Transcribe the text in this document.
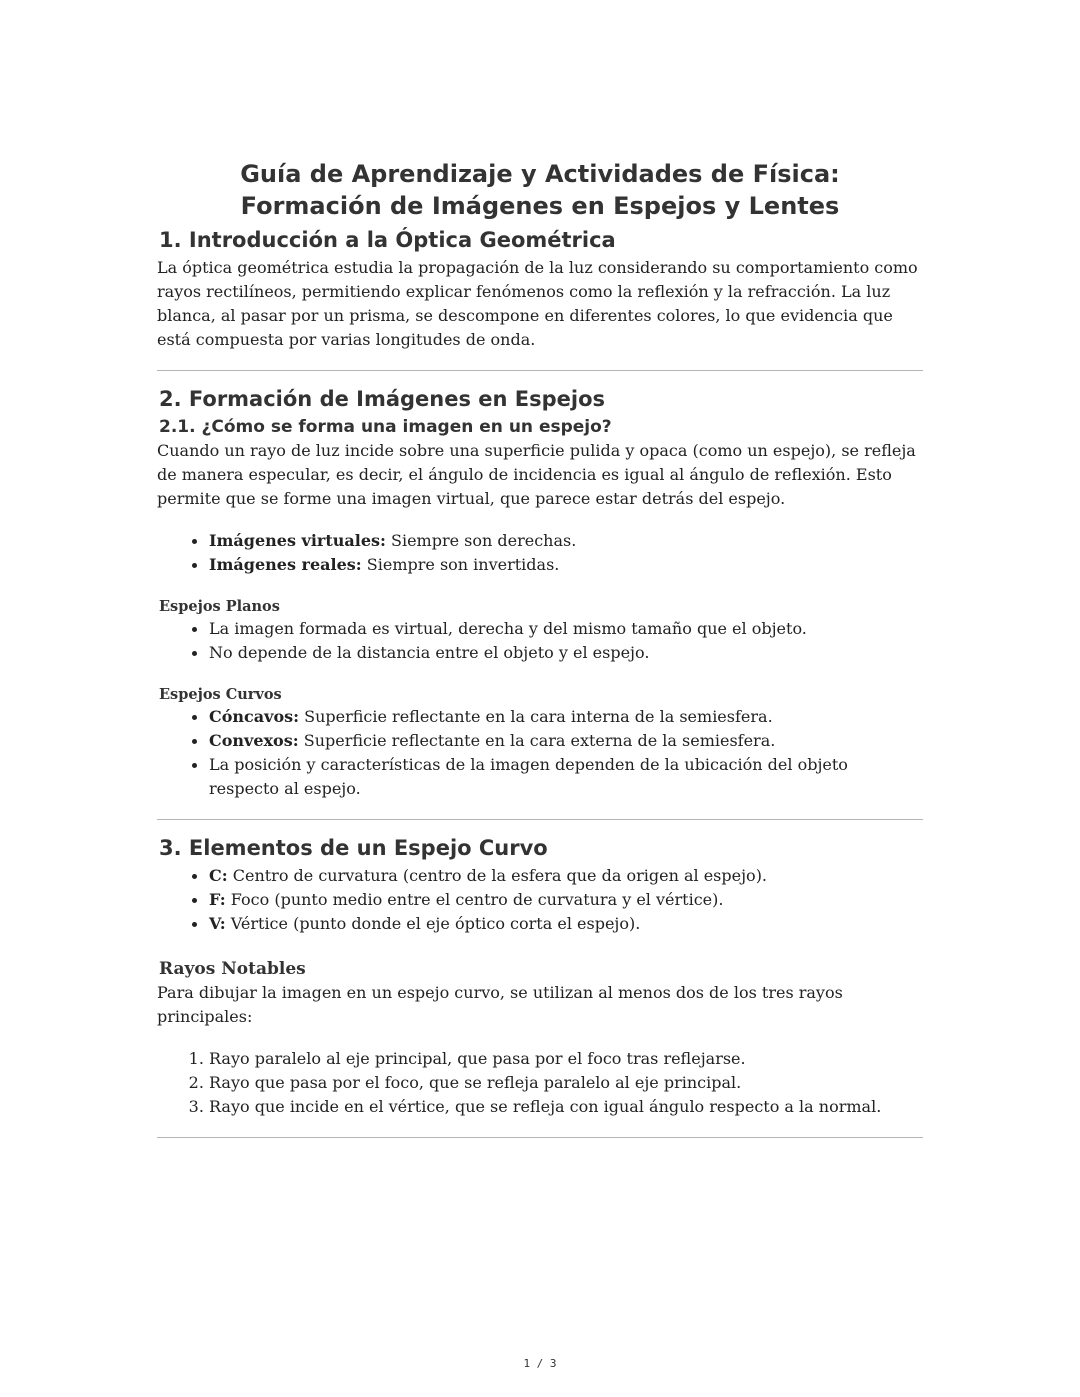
Guía de Aprendizaje y Actividades de Física: Formación de Imágenes en Espejos y Lentes
1. Introducción a la Óptica Geométrica

La óptica geométrica estudia la propagación de la luz considerando su comportamiento como rayos rectilíneos, permitiendo explicar fenómenos como la reflexión y la refracción. La luz blanca, al pasar por un prisma, se descompone en diferentes colores, lo que evidencia que está compuesta por varias longitudes de onda.

2. Formación de Imágenes en Espejos
2.1. ¿Cómo se forma una imagen en un espejo?

Cuando un rayo de luz incide sobre una superficie pulida y opaca (como un espejo), se refleja de manera especular, es decir, el ángulo de incidencia es igual al ángulo de reflexión. Esto permite que se forme una imagen virtual, que parece estar detrás del espejo.

• Imágenes virtuales: Siempre son derechas.
• Imágenes reales: Siempre son invertidas.
Espejos Planos
• La imagen formada es virtual, derecha y del mismo tamaño que el objeto.
• No depende de la distancia entre el objeto y el espejo.
Espejos Curvos
• Cóncavos: Superficie reflectante en la cara interna de la semiesfera.
• Convexos: Superficie reflectante en la cara externa de la semiesfera.
• La posición y características de la imagen dependen de la ubicación del objeto respecto al espejo.
3. Elementos de un Espejo Curvo
• C: Centro de curvatura (centro de la esfera que da origen al espejo).
• F: Foco (punto medio entre el centro de curvatura y el vértice).
• V: Vértice (punto donde el eje óptico corta el espejo).
Rayos Notables

Para dibujar la imagen en un espejo curvo, se utilizan al menos dos de los tres rayos principales:

1. Rayo paralelo al eje principal, que pasa por el foco tras reflejarse.
2. Rayo que pasa por el foco, que se refleja paralelo al eje principal.
3. Rayo que incide en el vértice, que se refleja con igual ángulo respecto a la normal.
1 / 3
